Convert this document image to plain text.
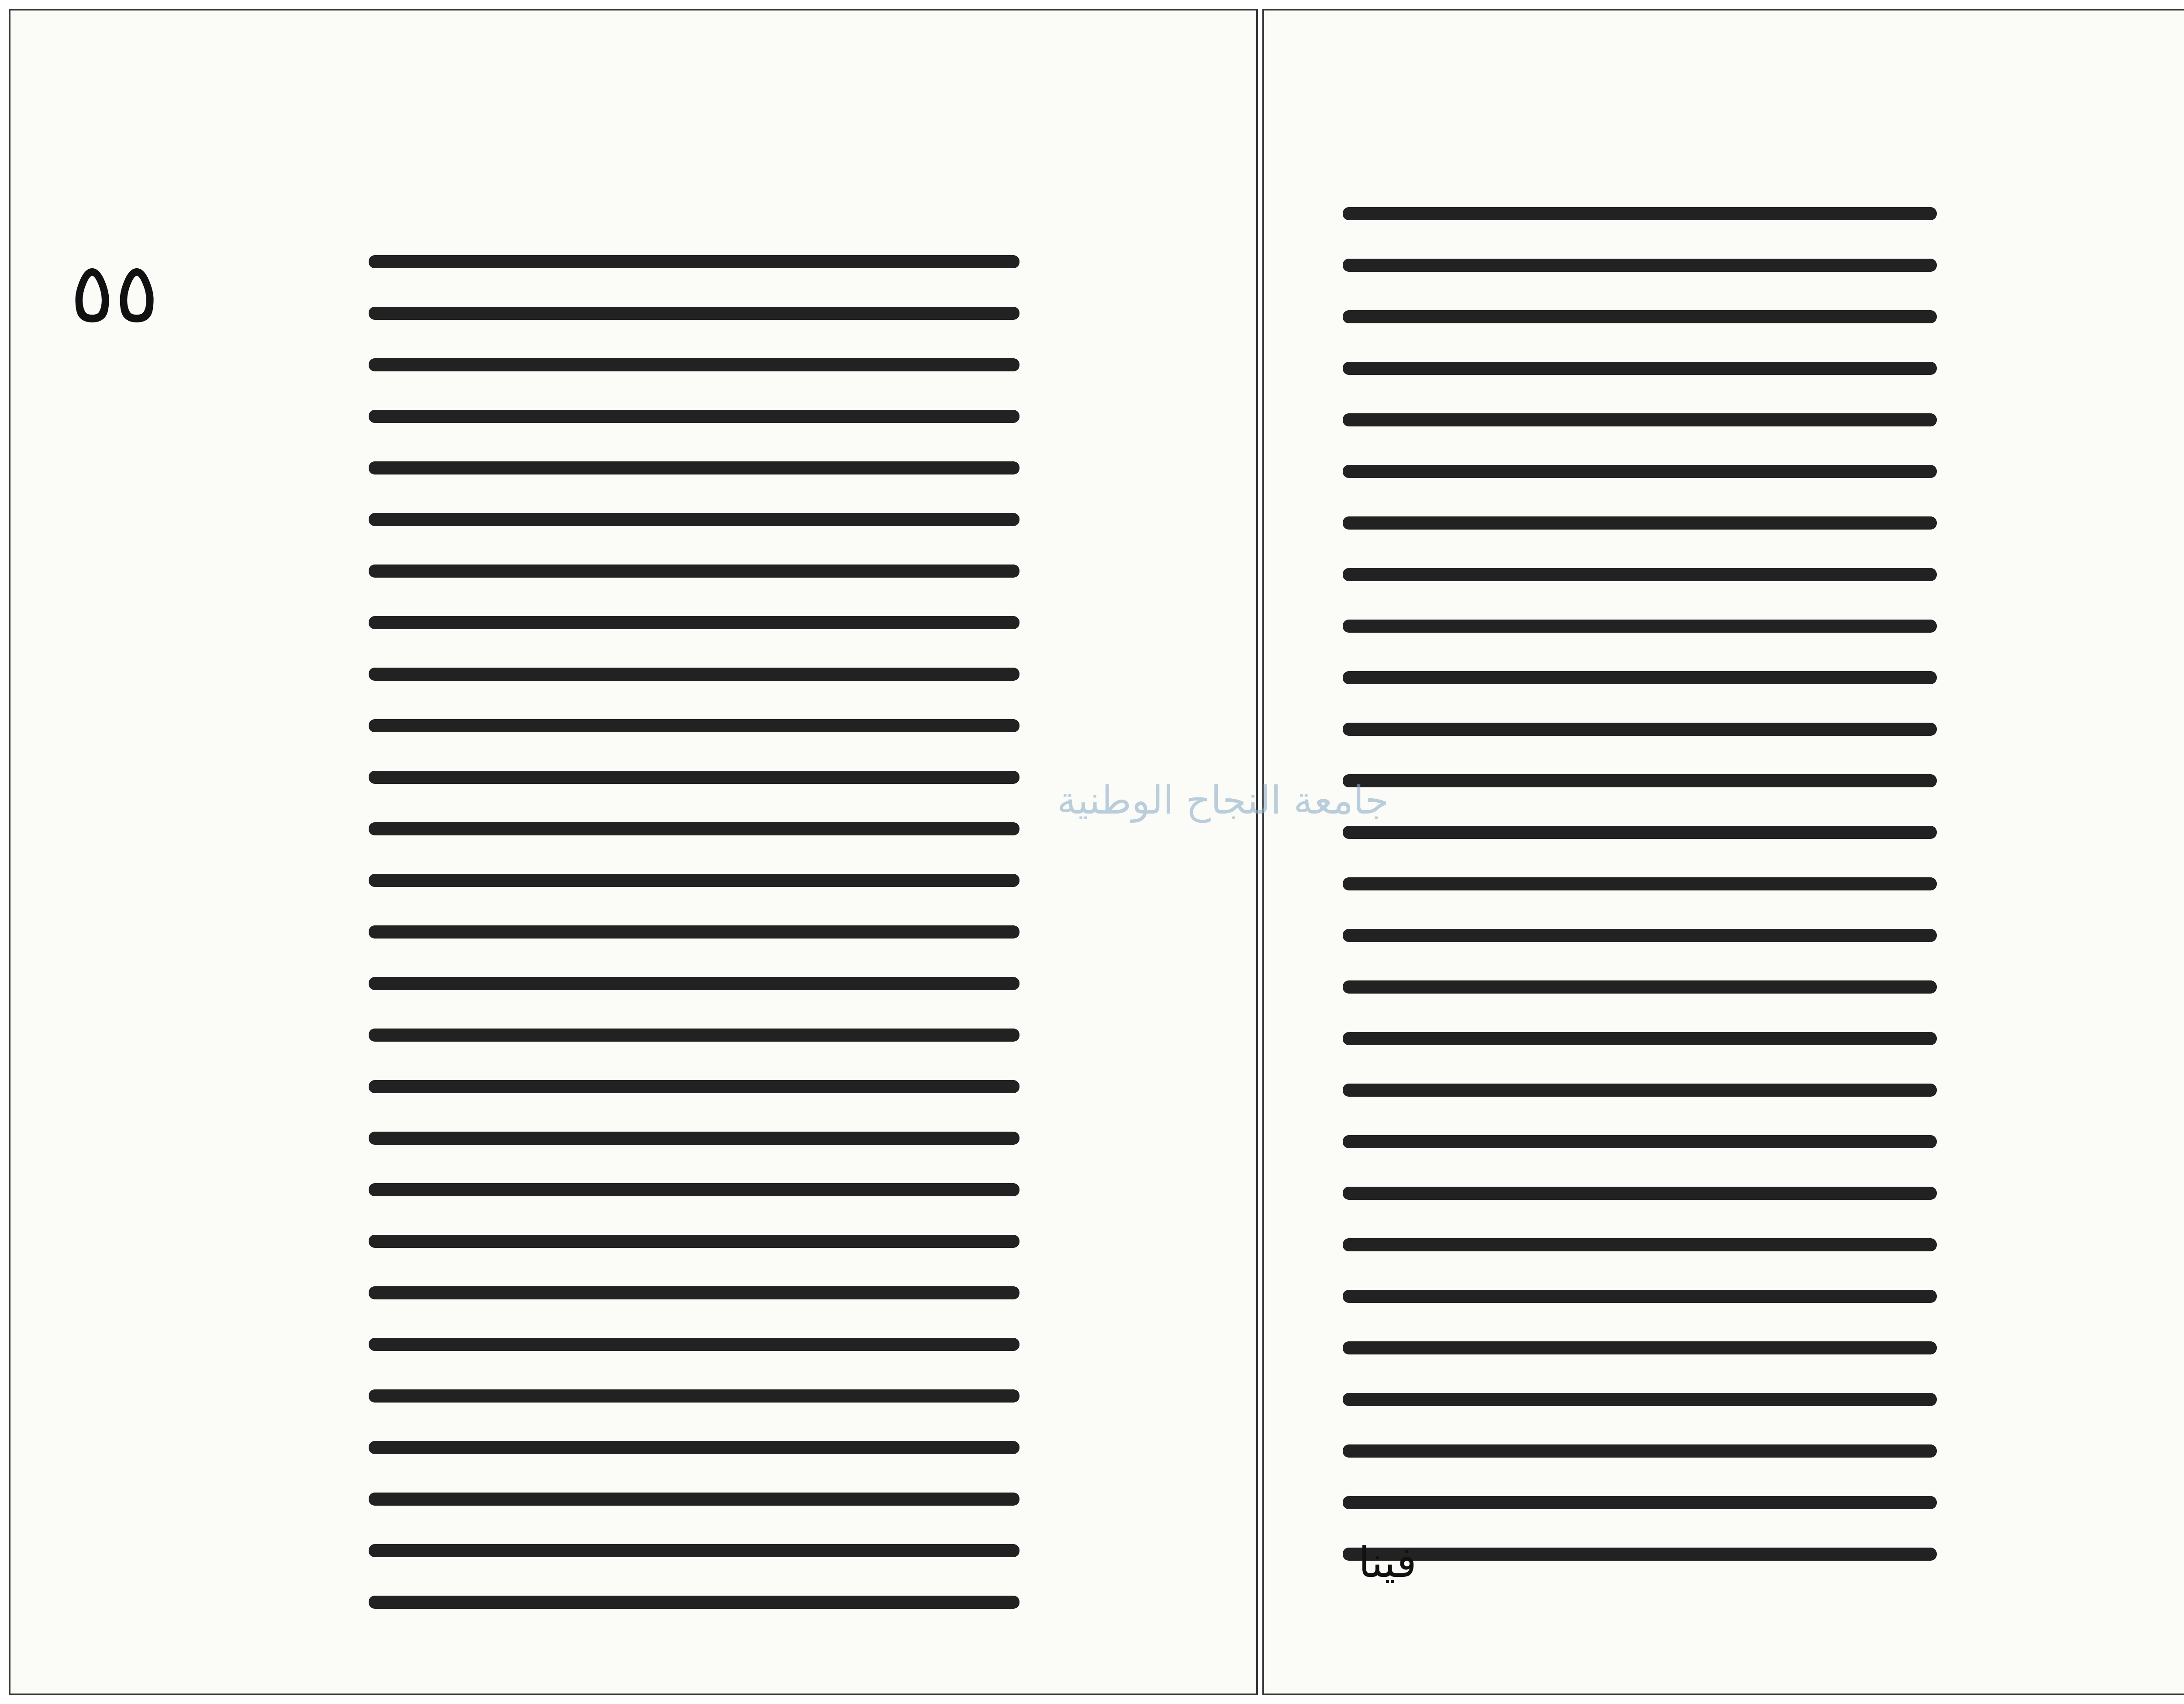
٥٥
جامعة النجاح الوطنية
فينا
